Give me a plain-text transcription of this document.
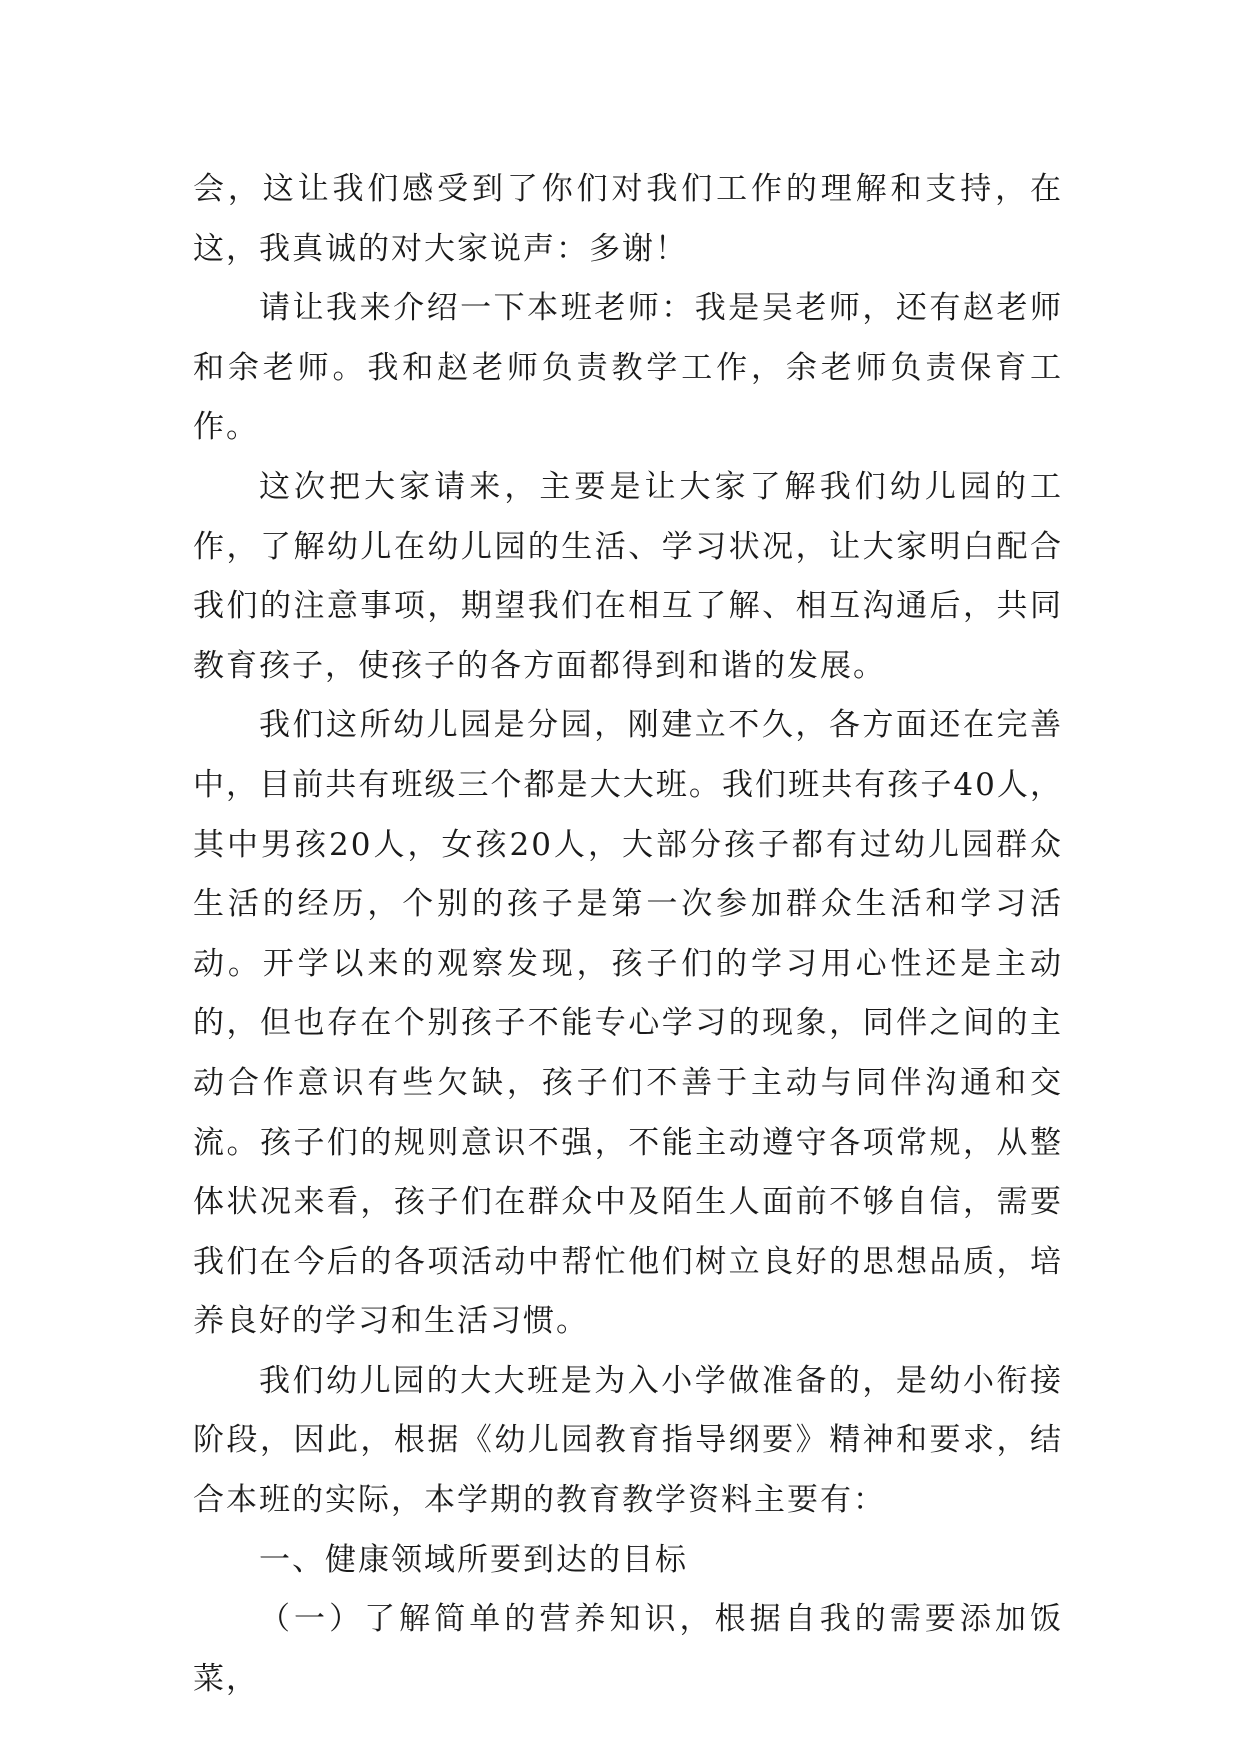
会，这让我们感受到了你们对我们工作的理解和支持，在这，我真诚的对大家说声：多谢！

请让我来介绍一下本班老师：我是吴老师，还有赵老师和余老师。我和赵老师负责教学工作，余老师负责保育工作。

这次把大家请来，主要是让大家了解我们幼儿园的工作，了解幼儿在幼儿园的生活、学习状况，让大家明白配合我们的注意事项，期望我们在相互了解、相互沟通后，共同教育孩子，使孩子的各方面都得到和谐的发展。

我们这所幼儿园是分园，刚建立不久，各方面还在完善中，目前共有班级三个都是大大班。我们班共有孩子40人，其中男孩20人，女孩20人，大部分孩子都有过幼儿园群众生活的经历，个别的孩子是第一次参加群众生活和学习活动。开学以来的观察发现，孩子们的学习用心性还是主动的，但也存在个别孩子不能专心学习的现象，同伴之间的主动合作意识有些欠缺，孩子们不善于主动与同伴沟通和交流。孩子们的规则意识不强，不能主动遵守各项常规，从整体状况来看，孩子们在群众中及陌生人面前不够自信，需要我们在今后的各项活动中帮忙他们树立良好的思想品质，培养良好的学习和生活习惯。

我们幼儿园的大大班是为入小学做准备的，是幼小衔接阶段，因此，根据《幼儿园教育指导纲要》精神和要求，结合本班的实际，本学期的教育教学资料主要有：

一、健康领域所要到达的目标

（一）了解简单的营养知识，根据自我的需要添加饭菜，
